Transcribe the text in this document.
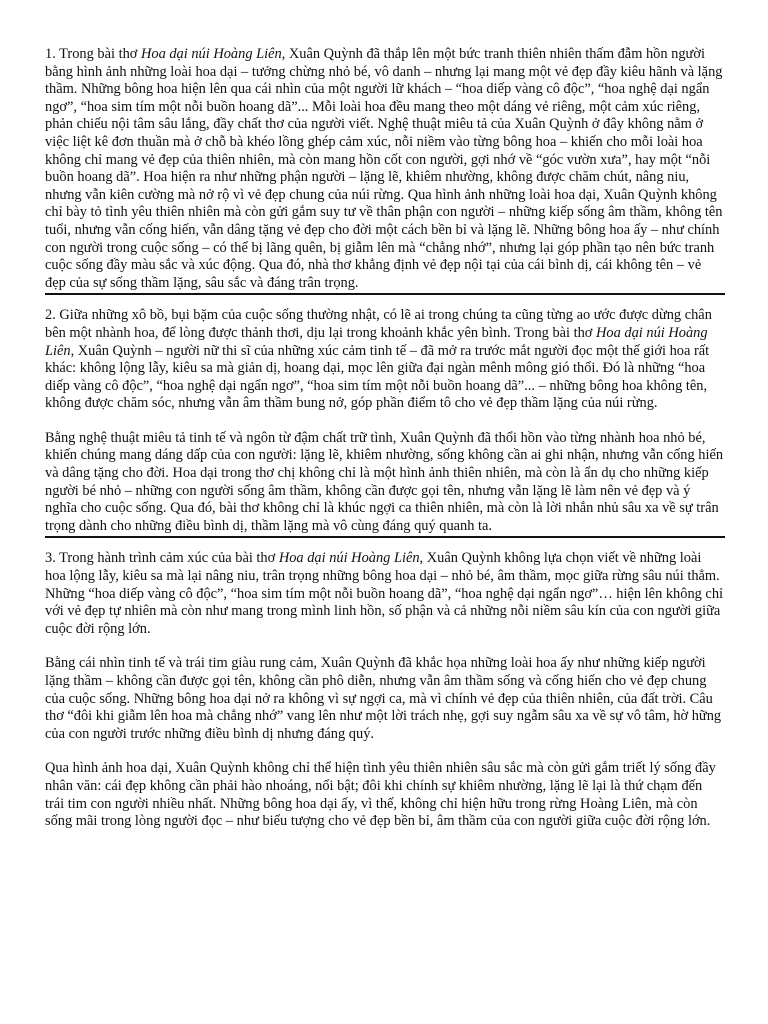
1. Trong bài thơ Hoa dại núi Hoàng Liên, Xuân Quỳnh đã thắp lên một bức tranh thiên nhiên thấm đẫm hồn người bằng hình ảnh những loài hoa dại – tưởng chừng nhỏ bé, vô danh – nhưng lại mang một vẻ đẹp đầy kiêu hãnh và lặng thầm. Những bông hoa hiện lên qua cái nhìn của một người lữ khách – “hoa diếp vàng cô độc”, “hoa nghệ dại ngẩn ngơ”, “hoa sim tím một nỗi buồn hoang dã”... Mỗi loài hoa đều mang theo một dáng vẻ riêng, một cảm xúc riêng, phản chiếu nội tâm sâu lắng, đầy chất thơ của người viết. Nghệ thuật miêu tả của Xuân Quỳnh ở đây không nằm ở việc liệt kê đơn thuần mà ở chỗ bà khéo lồng ghép cảm xúc, nỗi niềm vào từng bông hoa – khiến cho mỗi loài hoa không chỉ mang vẻ đẹp của thiên nhiên, mà còn mang hồn cốt con người, gợi nhớ về “góc vườn xưa”, hay một “nỗi buồn hoang dã”. Hoa hiện ra như những phận người – lặng lẽ, khiêm nhường, không được chăm chút, nâng niu, nhưng vẫn kiên cường mà nở rộ vì vẻ đẹp chung của núi rừng. Qua hình ảnh những loài hoa dại, Xuân Quỳnh không chỉ bày tỏ tình yêu thiên nhiên mà còn gửi gắm suy tư về thân phận con người – những kiếp sống âm thầm, không tên tuổi, nhưng vẫn cống hiến, vẫn dâng tặng vẻ đẹp cho đời một cách bền bỉ và lặng lẽ. Những bông hoa ấy – như chính con người trong cuộc sống – có thể bị lãng quên, bị giẫm lên mà “chẳng nhớ”, nhưng lại góp phần tạo nên bức tranh cuộc sống đầy màu sắc và xúc động. Qua đó, nhà thơ khẳng định vẻ đẹp nội tại của cái bình dị, cái không tên – vẻ đẹp của sự sống thầm lặng, sâu sắc và đáng trân trọng.

2. Giữa những xô bồ, bụi bặm của cuộc sống thường nhật, có lẽ ai trong chúng ta cũng từng ao ước được dừng chân bên một nhành hoa, để lòng được thảnh thơi, dịu lại trong khoảnh khắc yên bình. Trong bài thơ Hoa dại núi Hoàng Liên, Xuân Quỳnh – người nữ thi sĩ của những xúc cảm tinh tế – đã mở ra trước mắt người đọc một thế giới hoa rất khác: không lộng lẫy, kiêu sa mà giản dị, hoang dại, mọc lên giữa đại ngàn mênh mông gió thổi. Đó là những “hoa diếp vàng cô độc”, “hoa nghệ dại ngẩn ngơ”, “hoa sim tím một nỗi buồn hoang dã”... – những bông hoa không tên, không được chăm sóc, nhưng vẫn âm thầm bung nở, góp phần điểm tô cho vẻ đẹp thầm lặng của núi rừng.

Bằng nghệ thuật miêu tả tinh tế và ngôn từ đậm chất trữ tình, Xuân Quỳnh đã thổi hồn vào từng nhành hoa nhỏ bé, khiến chúng mang dáng dấp của con người: lặng lẽ, khiêm nhường, sống không cần ai ghi nhận, nhưng vẫn cống hiến và dâng tặng cho đời. Hoa dại trong thơ chị không chỉ là một hình ảnh thiên nhiên, mà còn là ẩn dụ cho những kiếp người bé nhỏ – những con người sống âm thầm, không cần được gọi tên, nhưng vẫn lặng lẽ làm nên vẻ đẹp và ý nghĩa cho cuộc sống. Qua đó, bài thơ không chỉ là khúc ngợi ca thiên nhiên, mà còn là lời nhắn nhủ sâu xa về sự trân trọng dành cho những điều bình dị, thầm lặng mà vô cùng đáng quý quanh ta.

3. Trong hành trình cảm xúc của bài thơ Hoa dại núi Hoàng Liên, Xuân Quỳnh không lựa chọn viết về những loài hoa lộng lẫy, kiêu sa mà lại nâng niu, trân trọng những bông hoa dại – nhỏ bé, âm thầm, mọc giữa rừng sâu núi thẳm. Những “hoa diếp vàng cô độc”, “hoa sim tím một nỗi buồn hoang dã”, “hoa nghệ dại ngẩn ngơ”… hiện lên không chỉ với vẻ đẹp tự nhiên mà còn như mang trong mình linh hồn, số phận và cả những nỗi niềm sâu kín của con người giữa cuộc đời rộng lớn.

Bằng cái nhìn tinh tế và trái tim giàu rung cảm, Xuân Quỳnh đã khắc họa những loài hoa ấy như những kiếp người lặng thầm – không cần được gọi tên, không cần phô diễn, nhưng vẫn âm thầm sống và cống hiến cho vẻ đẹp chung của cuộc sống. Những bông hoa dại nở ra không vì sự ngợi ca, mà vì chính vẻ đẹp của thiên nhiên, của đất trời. Câu thơ “đôi khi giẫm lên hoa mà chẳng nhớ” vang lên như một lời trách nhẹ, gợi suy ngẫm sâu xa về sự vô tâm, hờ hững của con người trước những điều bình dị nhưng đáng quý.

Qua hình ảnh hoa dại, Xuân Quỳnh không chỉ thể hiện tình yêu thiên nhiên sâu sắc mà còn gửi gắm triết lý sống đầy nhân văn: cái đẹp không cần phải hào nhoáng, nổi bật; đôi khi chính sự khiêm nhường, lặng lẽ lại là thứ chạm đến trái tim con người nhiều nhất. Những bông hoa dại ấy, vì thế, không chỉ hiện hữu trong rừng Hoàng Liên, mà còn sống mãi trong lòng người đọc – như biểu tượng cho vẻ đẹp bền bỉ, âm thầm của con người giữa cuộc đời rộng lớn.
